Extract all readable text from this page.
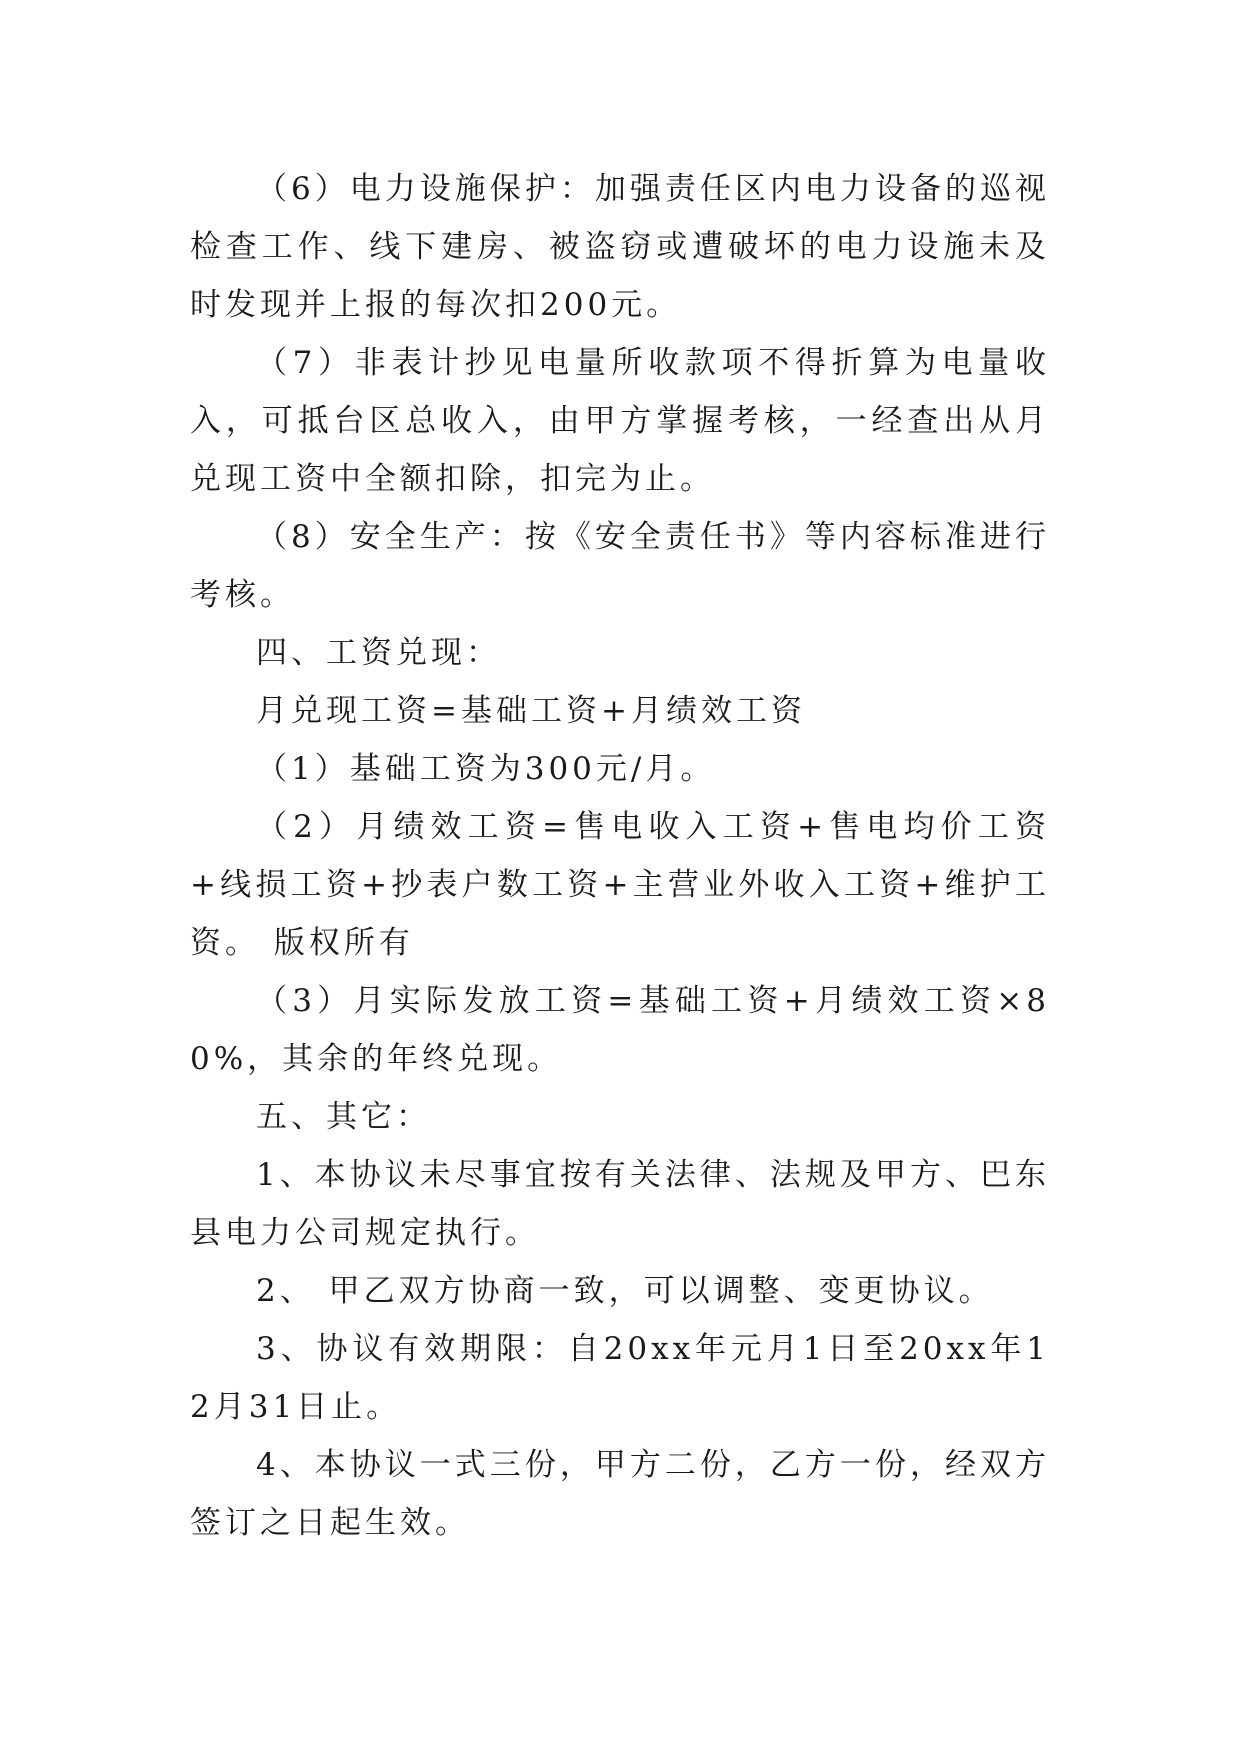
（6）电力设施保护：加强责任区内电力设备的巡视检查工作、线下建房、被盗窃或遭破坏的电力设施未及时发现并上报的每次扣200元。

（7）非表计抄见电量所收款项不得折算为电量收入，可抵台区总收入，由甲方掌握考核，一经查出从月兑现工资中全额扣除，扣完为止。

（8）安全生产：按《安全责任书》等内容标准进行考核。

四、工资兑现：

月兑现工资=基础工资+月绩效工资

（1）基础工资为300元/月。

（2）月绩效工资=售电收入工资+售电均价工资+线损工资+抄表户数工资+主营业外收入工资+维护工资。 版权所有

（3）月实际发放工资=基础工资+月绩效工资×80%，其余的年终兑现。

五、其它：

1、本协议未尽事宜按有关法律、法规及甲方、巴东县电力公司规定执行。

2、 甲乙双方协商一致，可以调整、变更协议。

3、协议有效期限：自20xx年元月1日至20xx年12月31日止。

4、本协议一式三份，甲方二份，乙方一份，经双方签订之日起生效。
